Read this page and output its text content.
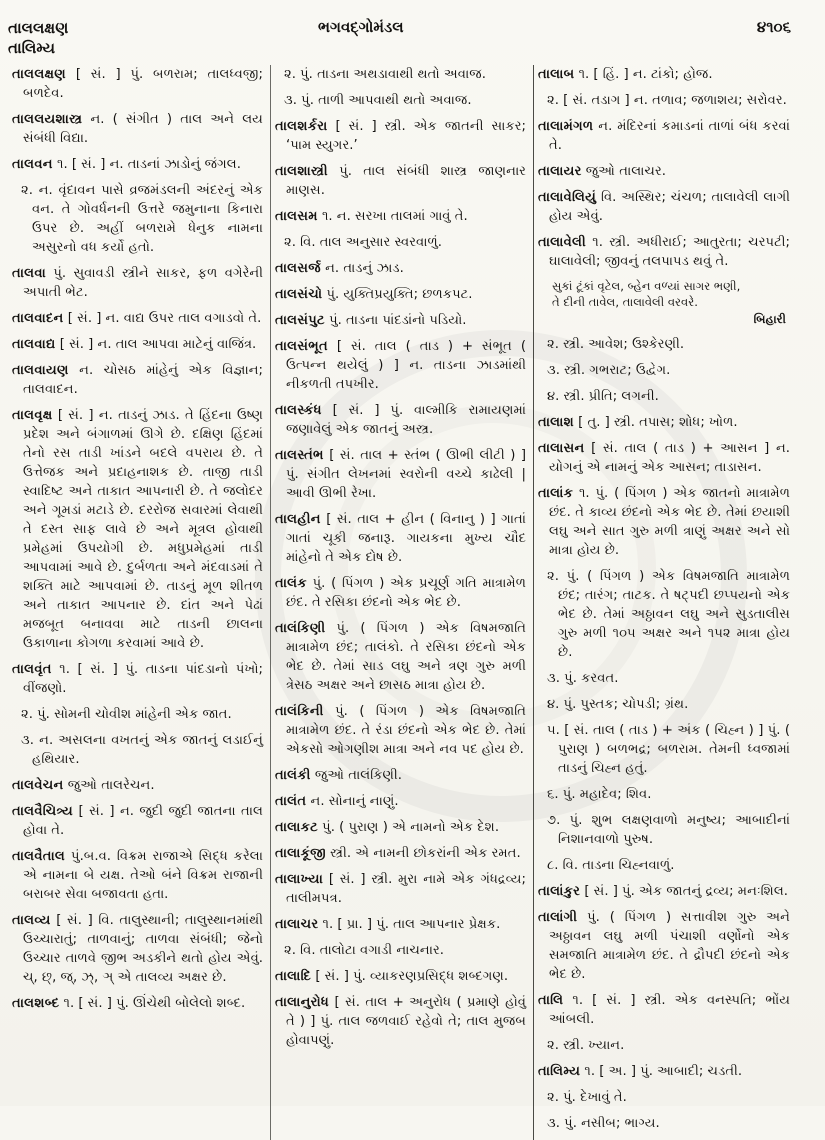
તાલલક્ષણ
તાલિમ્ય
ભગવદ્ગોમંડલ	૪૧૦૬

તાલલક્ષણ [ સં. ] પું. બળરામ; તાલધ્વજી; બળદેવ.

તાલલયશાસ્ત્ર ન. ( સંગીત ) તાલ અને લય સંબંધી વિદ્યા.

તાલવન ૧. [ સં. ] ન. તાડનાં ઝાડોનું જંગલ.

૨. ન. વૃંદાવન પાસે વ્રજમંડલની અંદરનું એક વન. તે ગોવર્ધનની ઉત્તરે જમુનાના કિનારા ઉપર છે. અહીં બળરામે ધેનુક નામના અસુરનો વધ કર્યો હતો.

તાલવા પું. સુવાવડી સ્ત્રીને સાકર, ફળ વગેરેની અપાતી ભેટ.

તાલવાદન [ સં. ] ન. વાદ્ય ઉપર તાલ વગાડવો તે.

તાલવાદ્ય [ સં. ] ન. તાલ આપવા માટેનું વાજિંત્ર.

તાલવાયણ ન. ચોસઠ માંહેનું એક વિજ્ઞાન; તાલવાદન.

તાલવૃક્ષ [ સં. ] ન. તાડનું ઝાડ. તે હિંદના ઉષ્ણ પ્રદેશ અને બંગાળમાં ઊગે છે. દક્ષિણ હિંદમાં તેનો રસ તાડી ખાંડને બદલે વપરાય છે. તે ઉત્તેજક અને પ્રદાહનાશક છે. તાજી તાડી સ્વાદિષ્ટ અને તાકાત આપનારી છે. તે જલોદર અને ગૂમડાં મટાડે છે. દરરોજ સવારમાં લેવાથી તે દસ્ત સાફ લાવે છે અને મૂત્રલ હોવાથી પ્રમેહમાં ઉપયોગી છે. મધુપ્રમેહમાં તાડી આપવામાં આવે છે. દુર્બળતા અને મંદવાડમાં તે શક્તિ માટે આપવામાં છે. તાડનું મૂળ શીતળ અને તાકાત આપનાર છે. દાંત અને પેઢાં મજબૂત બનાવવા માટે તાડની છાલના ઉકાળાના કોગળા કરવામાં આવે છે.

તાલવૃંત ૧. [ સં. ] પું. તાડના પાંદડાનો પંખો; વીંજણો.

૨. પું. સોમની ચોવીશ માંહેની એક જાત.

૩. ન. અસલના વખતનું એક જાતનું લડાઈનું હથિયાર.

તાલવેચન જુઓ તાલરેચન.

તાલવૈચિત્ર્ય [ સં. ] ન. જુદી જુદી જાતના તાલ હોવા તે.

તાલવૈતાલ પું.બ.વ. વિક્રમ રાજાએ સિદ્ધ કરેલા એ નામના બે યક્ષ. તેઓ બંને વિક્રમ રાજાની બરાબર સેવા બજાવતા હતા.

તાલવ્ય [ સં. ] વિ. તાલુસ્થાની; તાલુસ્થાનમાંથી ઉચ્ચારાતું; તાળવાનું; તાળવા સંબંધી; જેનો ઉચ્ચાર તાળવે જીભ અડકીને થતો હોય એવું. ચ્, છ્, જ્, ઝ્, ઞ્ એ તાલવ્ય અક્ષર છે.

તાલશબ્દ ૧. [ સં. ] પું. ઊંચેથી બોલેલો શબ્દ.

૨. પું. તાડના અથડાવાથી થતો અવાજ.

૩. પું. તાળી આપવાથી થતો અવાજ.

તાલશર્કરા [ સં. ] સ્ત્રી. એક જાતની સાકર; ‘પામ સ્યુગર.’

તાલશાસ્ત્રી પું. તાલ સંબંધી શાસ્ત્ર જાણનાર માણસ.

તાલસમ ૧. ન. સરખા તાલમાં ગાવું તે.

૨. વિ. તાલ અનુસાર સ્વરવાળું.

તાલસર્જ ન. તાડનું ઝાડ.

તાલસંચો પું. યુક્તિપ્રયુક્તિ; છળકપટ.

તાલસંપુટ પું. તાડના પાંદડાંનો પડિયો.

તાલસંભૂત [ સં. તાલ ( તાડ ) + સંભૂત ( ઉત્પન્ન થયેલું ) ] ન. તાડના ઝાડમાંથી નીકળતી તપખીર.

તાલસ્કંધ [ સં. ] પું. વાલ્મીકિ રામાયણમાં જણાવેલું એક જાતનું અસ્ત્ર.

તાલસ્તંભ [ સં. તાલ + સ્તંભ ( ઊભી લીટી ) ] પું. સંગીત લેખનમાં સ્વરોની વચ્ચે કાઢેલી | આવી ઊભી રેખા.

તાલહીન [ સં. તાલ + હીન ( વિનાનુ ) ] ગાતાં ગાતાં ચૂકી જનારૂ. ગાયકના મુખ્ય ચૌદ માંહેનો તે એક દોષ છે.

તાલંક પું. ( પિંગળ ) એક પ્રચૂર્ણ ગતિ માત્રામેળ છંદ. તે રસિકા છંદનો એક ભેદ છે.

તાલંકિણી પું. ( પિંગળ ) એક વિષમજાતિ માત્રામેળ છંદ; તાલંકો. તે રસિકા છંદનો એક ભેદ છે. તેમાં સાડ લઘુ અને ત્રણ ગુરુ મળી ત્રેસઠ અક્ષર અને છાસઠ માત્રા હોય છે.

તાલંકિની પું. ( પિંગળ ) એક વિષમજાતિ માત્રામેળ છંદ. તે રંડા છંદનો એક ભેદ છે. તેમાં એકસો ઓગણીશ માત્રા અને નવ પદ હોય છે.

તાલંકી જુઓ તાલંકિણી.

તાલંત ન. સોનાનું નાણું.

તાલાકટ પું. ( પુરાણ ) એ નામનો એક દેશ.

તાલાકૂંજી સ્ત્રી. એ નામની છોકરાંની એક રમત.

તાલાખ્યા [ સં. ] સ્ત્રી. મુરા નામે એક ગંધદ્રવ્ય; તાલીમપત્ર.

તાલાચર ૧. [ પ્રા. ] પું. તાલ આપનાર પ્રેક્ષક.

૨. વિ. તાલોટા વગાડી નાચનાર.

તાલાદિ [ સં. ] પું. વ્યાકરણપ્રસિદ્ધ શબ્દગણ.

તાલાનુરોધ [ સં. તાલ + અનુરોધ ( પ્રમાણે હોવું તે ) ] પું. તાલ જળવાઈ રહેવો તે; તાલ મુજબ હોવાપણું.

તાલાબ ૧. [ હિં. ] ન. ટાંકો; હોજ.

૨. [ સં. તડાગ ] ન. તળાવ; જળાશય; સરોવર.

તાલામંગળ ન. મંદિરનાં કમાડનાં તાળાં બંધ કરવાં તે.

તાલાયર જુઓ તાલાચર.

તાલાવેલિયું વિ. અસ્થિર; ચંચળ; તાલાવેલી લાગી હોય એવું.

તાલાવેલી ૧. સ્ત્રી. અધીરાઈ; આતુરતા; ચરપટી; ઘાલાવેલી; જીવનું તલપાપડ થવું તે.

સુકાં ટૂંકાં વૃટેલ, બ્હેન વળ્યાં સાગર ભણી,
તે દીની તાવેલ, તાલાવેલી વરવરે.
બિહારી

૨. સ્ત્રી. આવેશ; ઉશ્કેરણી.

૩. સ્ત્રી. ગભરાટ; ઉદ્વેગ.

૪. સ્ત્રી. પ્રીતિ; લગની.

તાલાશ [ તુ. ] સ્ત્રી. તપાસ; શોધ; ખોળ.

તાલાસન [ સં. તાલ ( તાડ ) + આસન ] ન. યોગનું એ નામનું એક આસન; તાડાસન.

તાલાંક ૧. પું. ( પિંગળ ) એક જાતનો માત્રામેળ છંદ. તે કાવ્ય છંદનો એક ભેદ છે. તેમાં છયાશી લઘુ અને સાત ગુરુ મળી ત્રાણું અક્ષર અને સો માત્રા હોય છે.

૨. પું. ( પિંગળ ) એક વિષમજાતિ માત્રામેળ છંદ; તારંગ; તાટક. તે ષટ્પદી છપ્પયનો એક ભેદ છે. તેમાં અઠ્ઠાવન લઘુ અને સુડતાલીસ ગુરુ મળી ૧૦૫ અક્ષર અને ૧૫૨ માત્રા હોય છે.

૩. પું. કરવત.

૪. પું. પુસ્તક; ચોપડી; ગ્રંથ.

૫. [ સં. તાલ ( તાડ ) + અંક ( ચિહ્ન ) ] પું. ( પુરાણ ) બળભદ્ર; બળરામ. તેમની ધ્વજામાં તાડનું ચિહ્ન હતું.

૬. પું. મહાદેવ; શિવ.

૭. પું. શુભ લક્ષણવાળો મનુષ્ય; આબાદીનાં નિશાનવાળો પુરુષ.

૮. વિ. તાડના ચિહ્નવાળું.

તાલાંકુર [ સં. ] પું. એક જાતનું દ્રવ્ય; મનઃશિલ.

તાલાંગી પું. ( પિંગળ ) સત્તાવીશ ગુરુ અને અઠ્ઠાવન લઘુ મળી પંચાશી વર્ણોનો એક સમજાતિ માત્રામેળ છંદ. તે દ્રૌપદી છંદનો એક ભેદ છે.

તાલિ ૧. [ સં. ] સ્ત્રી. એક વનસ્પતિ; ભોંય આંબલી.

૨. સ્ત્રી. ખ્યાન.

તાલિમ્ય ૧. [ અ. ] પું. આબાદી; ચડતી.

૨. પું. દેખાવું તે.

૩. પું. નસીબ; ભાગ્ય.
